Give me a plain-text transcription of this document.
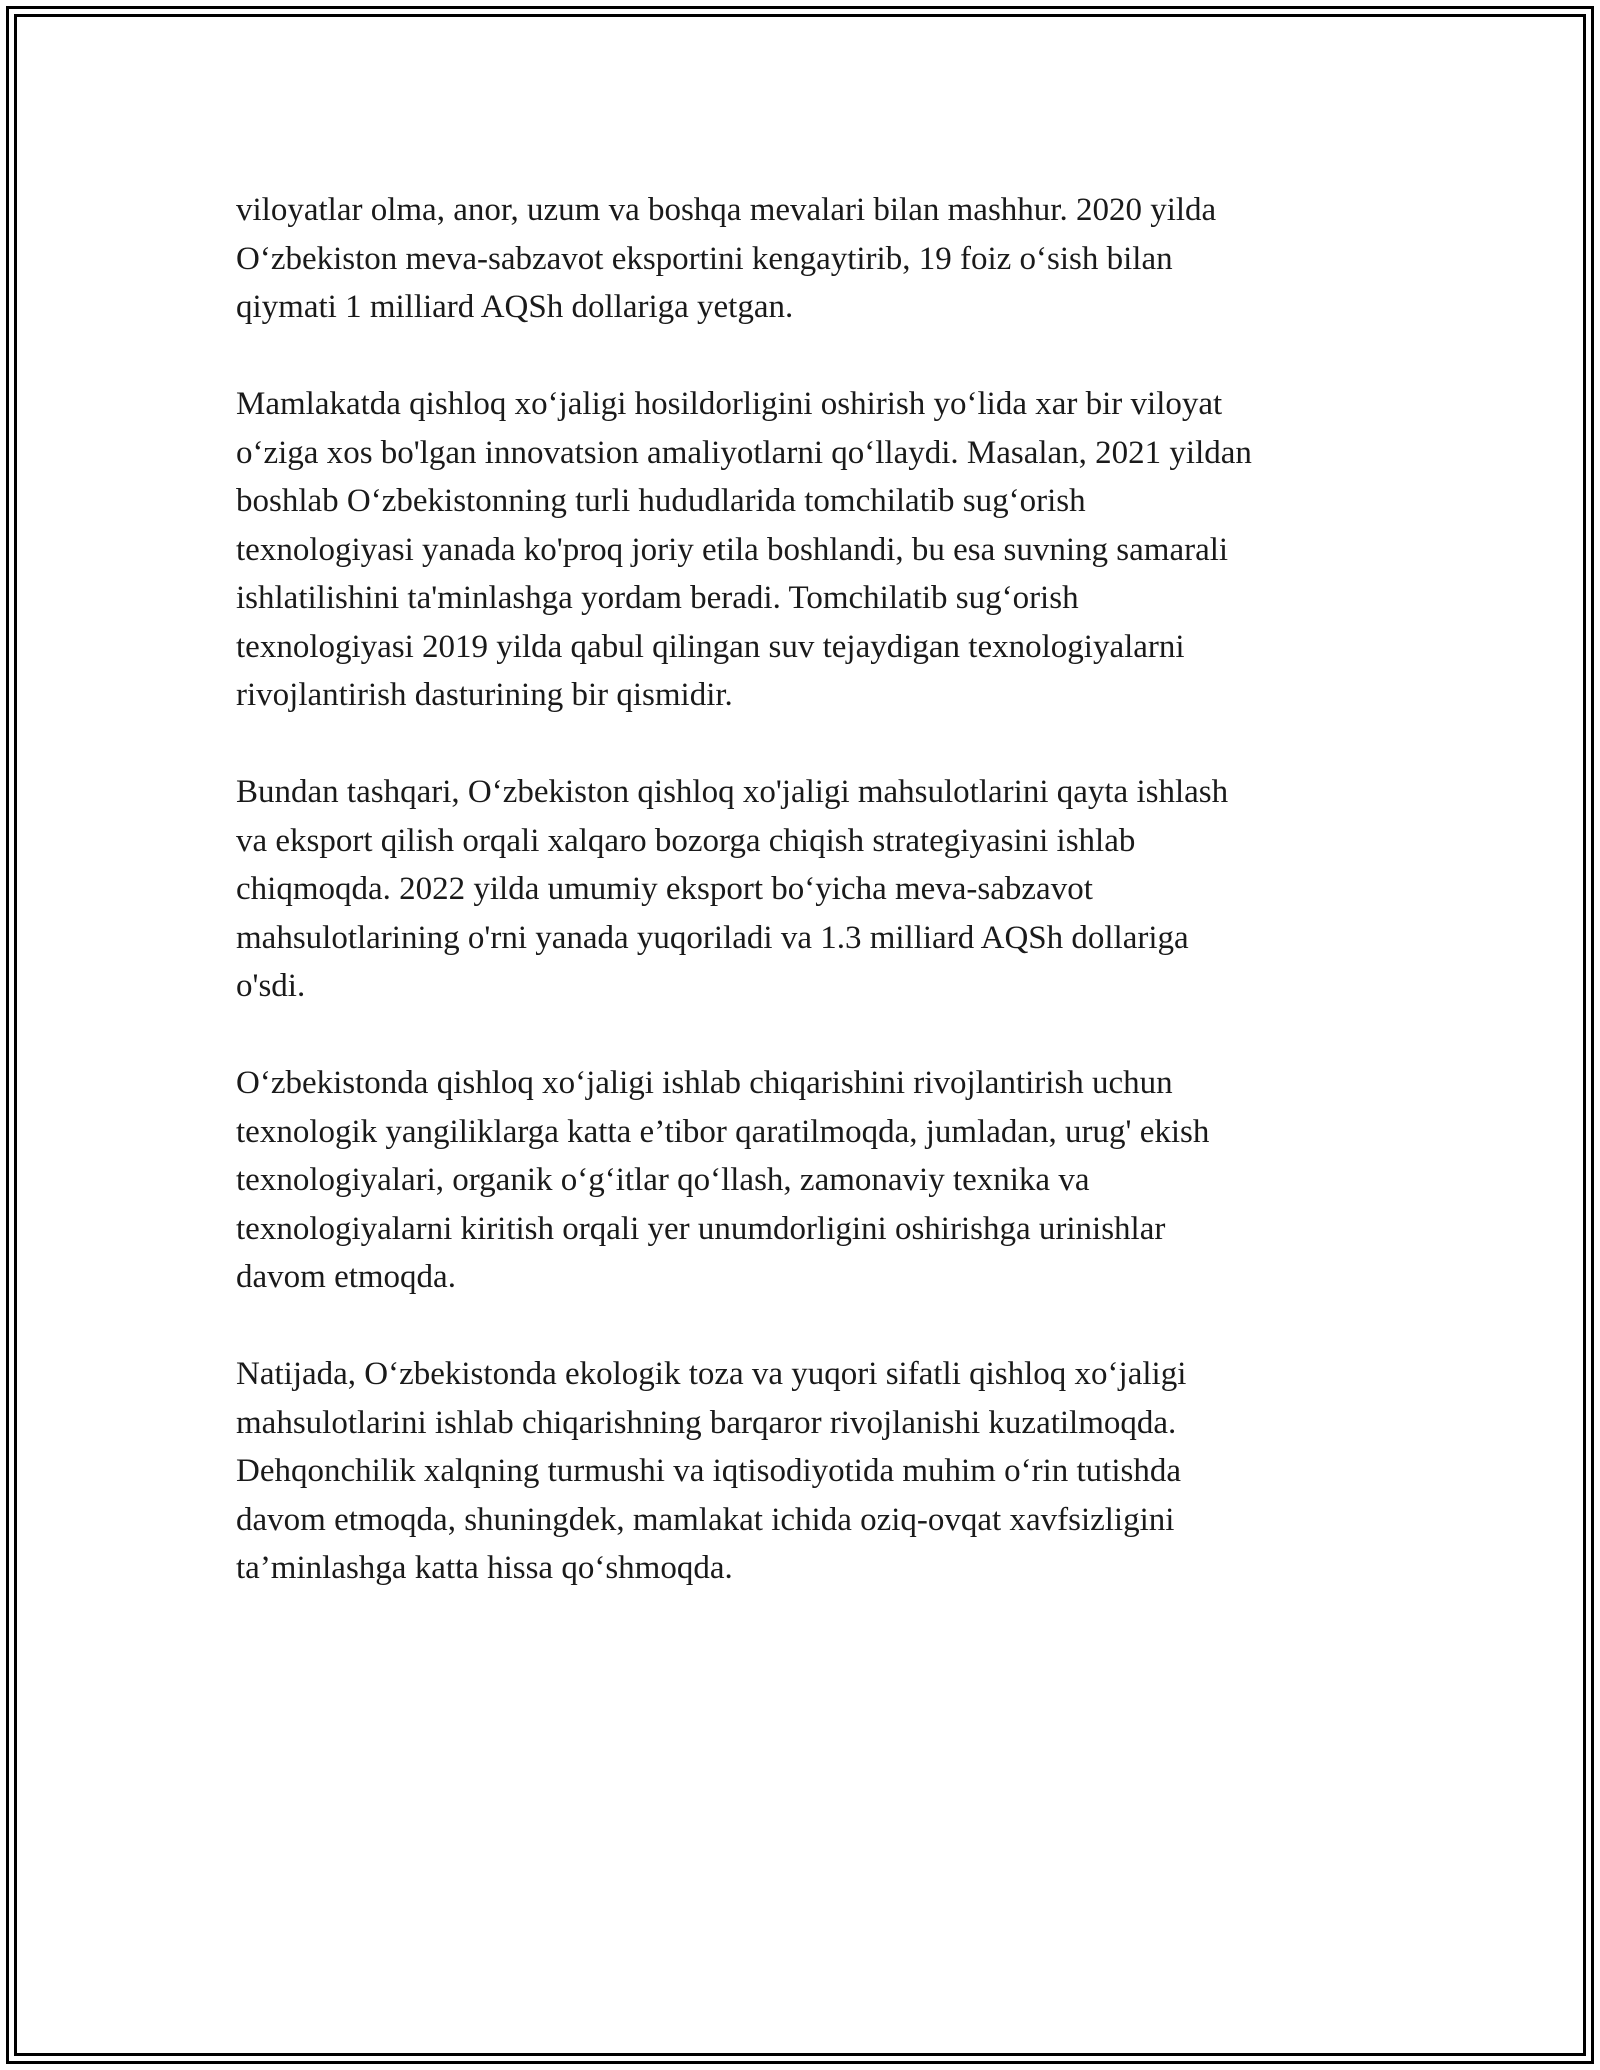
viloyatlar olma, anor, uzum va boshqa mevalari bilan mashhur. 2020 yilda
O‘zbekiston meva-sabzavot eksportini kengaytirib, 19 foiz o‘sish bilan
qiymati 1 milliard AQSh dollariga yetgan.

Mamlakatda qishloq xo‘jaligi hosildorligini oshirish yo‘lida xar bir viloyat
o‘ziga xos bo'lgan innovatsion amaliyotlarni qo‘llaydi. Masalan, 2021 yildan
boshlab O‘zbekistonning turli hududlarida tomchilatib sug‘orish
texnologiyasi yanada ko'proq joriy etila boshlandi, bu esa suvning samarali
ishlatilishini ta'minlashga yordam beradi. Tomchilatib sug‘orish
texnologiyasi 2019 yilda qabul qilingan suv tejaydigan texnologiyalarni
rivojlantirish dasturining bir qismidir.

Bundan tashqari, O‘zbekiston qishloq xo'jaligi mahsulotlarini qayta ishlash
va eksport qilish orqali xalqaro bozorga chiqish strategiyasini ishlab
chiqmoqda. 2022 yilda umumiy eksport bo‘yicha meva-sabzavot
mahsulotlarining o'rni yanada yuqoriladi va 1.3 milliard AQSh dollariga
o'sdi.

O‘zbekistonda qishloq xo‘jaligi ishlab chiqarishini rivojlantirish uchun
texnologik yangiliklarga katta e’tibor qaratilmoqda, jumladan, urug' ekish
texnologiyalari, organik o‘g‘itlar qo‘llash, zamonaviy texnika va
texnologiyalarni kiritish orqali yer unumdorligini oshirishga urinishlar
davom etmoqda.

Natijada, O‘zbekistonda ekologik toza va yuqori sifatli qishloq xo‘jaligi
mahsulotlarini ishlab chiqarishning barqaror rivojlanishi kuzatilmoqda.
Dehqonchilik xalqning turmushi va iqtisodiyotida muhim o‘rin tutishda
davom etmoqda, shuningdek, mamlakat ichida oziq-ovqat xavfsizligini
ta’minlashga katta hissa qo‘shmoqda.
